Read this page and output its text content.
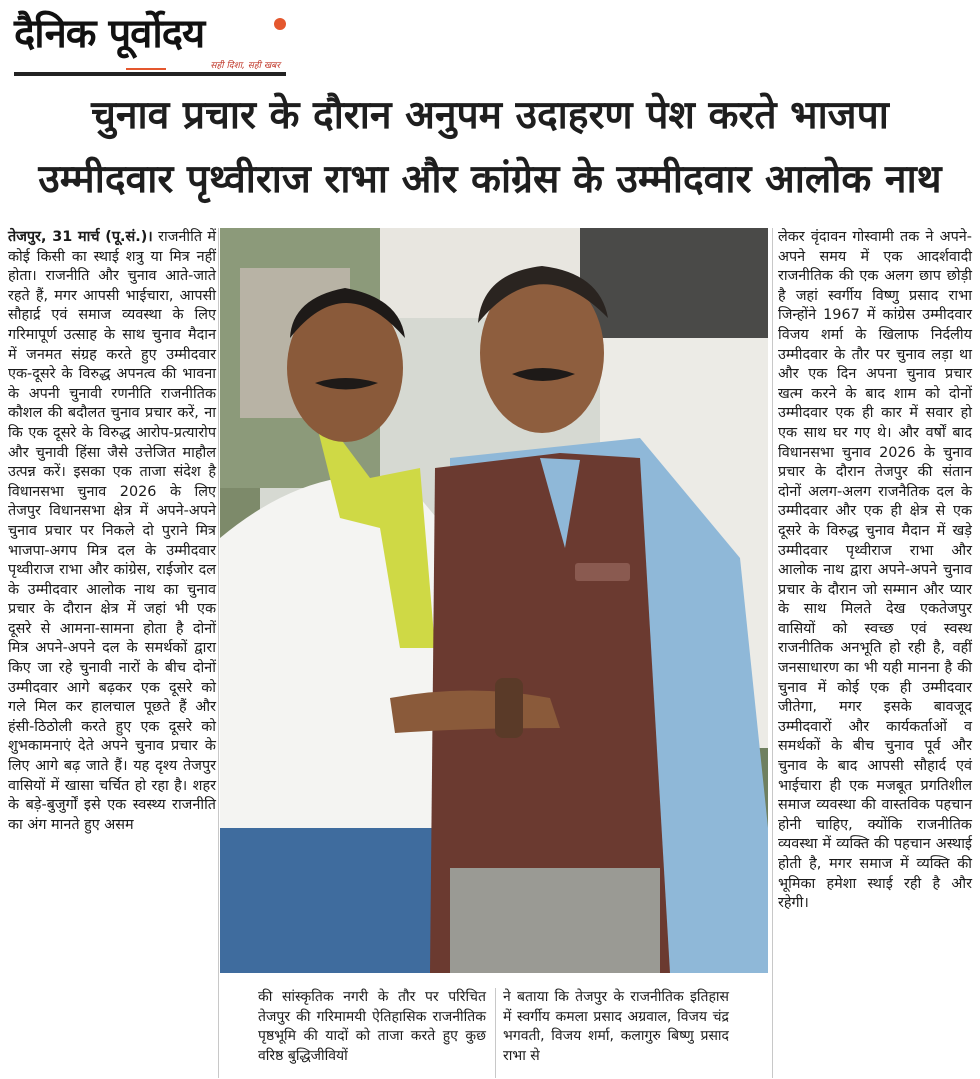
दैनिक पूर्वोदय
सही दिशा, सही खबर
चुनाव प्रचार के दौरान अनुपम उदाहरण पेश करते भाजपा
उम्मीदवार पृथ्वीराज राभा और कांग्रेस के उम्मीदवार आलोक नाथ
तेजपुर, 31 मार्च (पू.सं.)। राजनीति में कोई किसी का स्थाई शत्रु या मित्र नहीं होता। राजनीति और चुनाव आते-जाते रहते हैं, मगर आपसी भाईचारा, आपसी सौहार्द्र एवं समाज व्यवस्था के लिए गरिमापूर्ण उत्साह के साथ चुनाव मैदान में जनमत संग्रह करते हुए उम्मीदवार एक-दूसरे के विरुद्ध अपनत्व की भावना के अपनी चुनावी रणनीति राजनीतिक कौशल की बदौलत चुनाव प्रचार करें, ना कि एक दूसरे के विरुद्ध आरोप-प्रत्यारोप और चुनावी हिंसा जैसे उत्तेजित माहौल उत्पन्न करें। इसका एक ताजा संदेश है विधानसभा चुनाव 2026 के लिए तेजपुर विधानसभा क्षेत्र में अपने-अपने चुनाव प्रचार पर निकले दो पुराने मित्र भाजपा-अगप मित्र दल के उम्मीदवार पृथ्वीराज राभा और कांग्रेस, राईजोर दल के उम्मीदवार आलोक नाथ का चुनाव प्रचार के दौरान क्षेत्र में जहां भी एक दूसरे से आमना-सामना होता है दोनों मित्र अपने-अपने दल के समर्थकों द्वारा किए जा रहे चुनावी नारों के बीच दोनों उम्मीदवार आगे बढ़कर एक दूसरे को गले मिल कर हालचाल पूछते हैं और हंसी-ठिठोली करते हुए एक दूसरे को शुभकामनाएं देते अपने चुनाव प्रचार के लिए आगे बढ़ जाते हैं। यह दृश्य तेजपुर वासियों में खासा चर्चित हो रहा है। शहर के बड़े-बुजुर्गों इसे एक स्वस्थ्य राजनीति का अंग मानते हुए असम
की सांस्कृतिक नगरी के तौर पर परिचित तेजपुर की गरिमामयी ऐतिहासिक राजनीतिक पृष्ठभूमि की यादों को ताजा करते हुए कुछ वरिष्ठ बुद्धिजीवियों
ने बताया कि तेजपुर के राजनीतिक इतिहास में स्वर्गीय कमला प्रसाद अग्रवाल, विजय चंद्र भगवती, विजय शर्मा, कलागुरु बिष्णु प्रसाद राभा से
लेकर वृंदावन गोस्वामी तक ने अपने-अपने समय में एक आदर्शवादी राजनीतिक की एक अलग छाप छोड़ी है जहां स्वर्गीय विष्णु प्रसाद राभा जिन्होंने 1967 में कांग्रेस उम्मीदवार विजय शर्मा के खिलाफ निर्दलीय उम्मीदवार के तौर पर चुनाव लड़ा था और एक दिन अपना चुनाव प्रचार खत्म करने के बाद शाम को दोनों उम्मीदवार एक ही कार में सवार हो एक साथ घर गए थे। और वर्षों बाद विधानसभा चुनाव 2026 के चुनाव प्रचार के दौरान तेजपुर की संतान दोनों अलग-अलग राजनैतिक दल के उम्मीदवार और एक ही क्षेत्र से एक दूसरे के विरुद्ध चुनाव मैदान में खड़े उम्मीदवार पृथ्वीराज राभा और आलोक नाथ द्वारा अपने-अपने चुनाव प्रचार के दौरान जो सम्मान और प्यार के साथ मिलते देख एकतेजपुर वासियों को स्वच्छ एवं स्वस्थ राजनीतिक अनभूति हो रही है, वहीं जनसाधारण का भी यही मानना है की चुनाव में कोई एक ही उम्मीदवार जीतेगा, मगर इसके बावजूद उम्मीदवारों और कार्यकर्ताओं व समर्थकों के बीच चुनाव पूर्व और चुनाव के बाद आपसी सौहार्द एवं भाईचारा ही एक मजबूत प्रगतिशील समाज व्यवस्था की वास्तविक पहचान होनी चाहिए, क्योंकि राजनीतिक व्यवस्था में व्यक्ति की पहचान अस्थाई होती है, मगर समाज में व्यक्ति की भूमिका हमेशा स्थाई रही है और रहेगी।
